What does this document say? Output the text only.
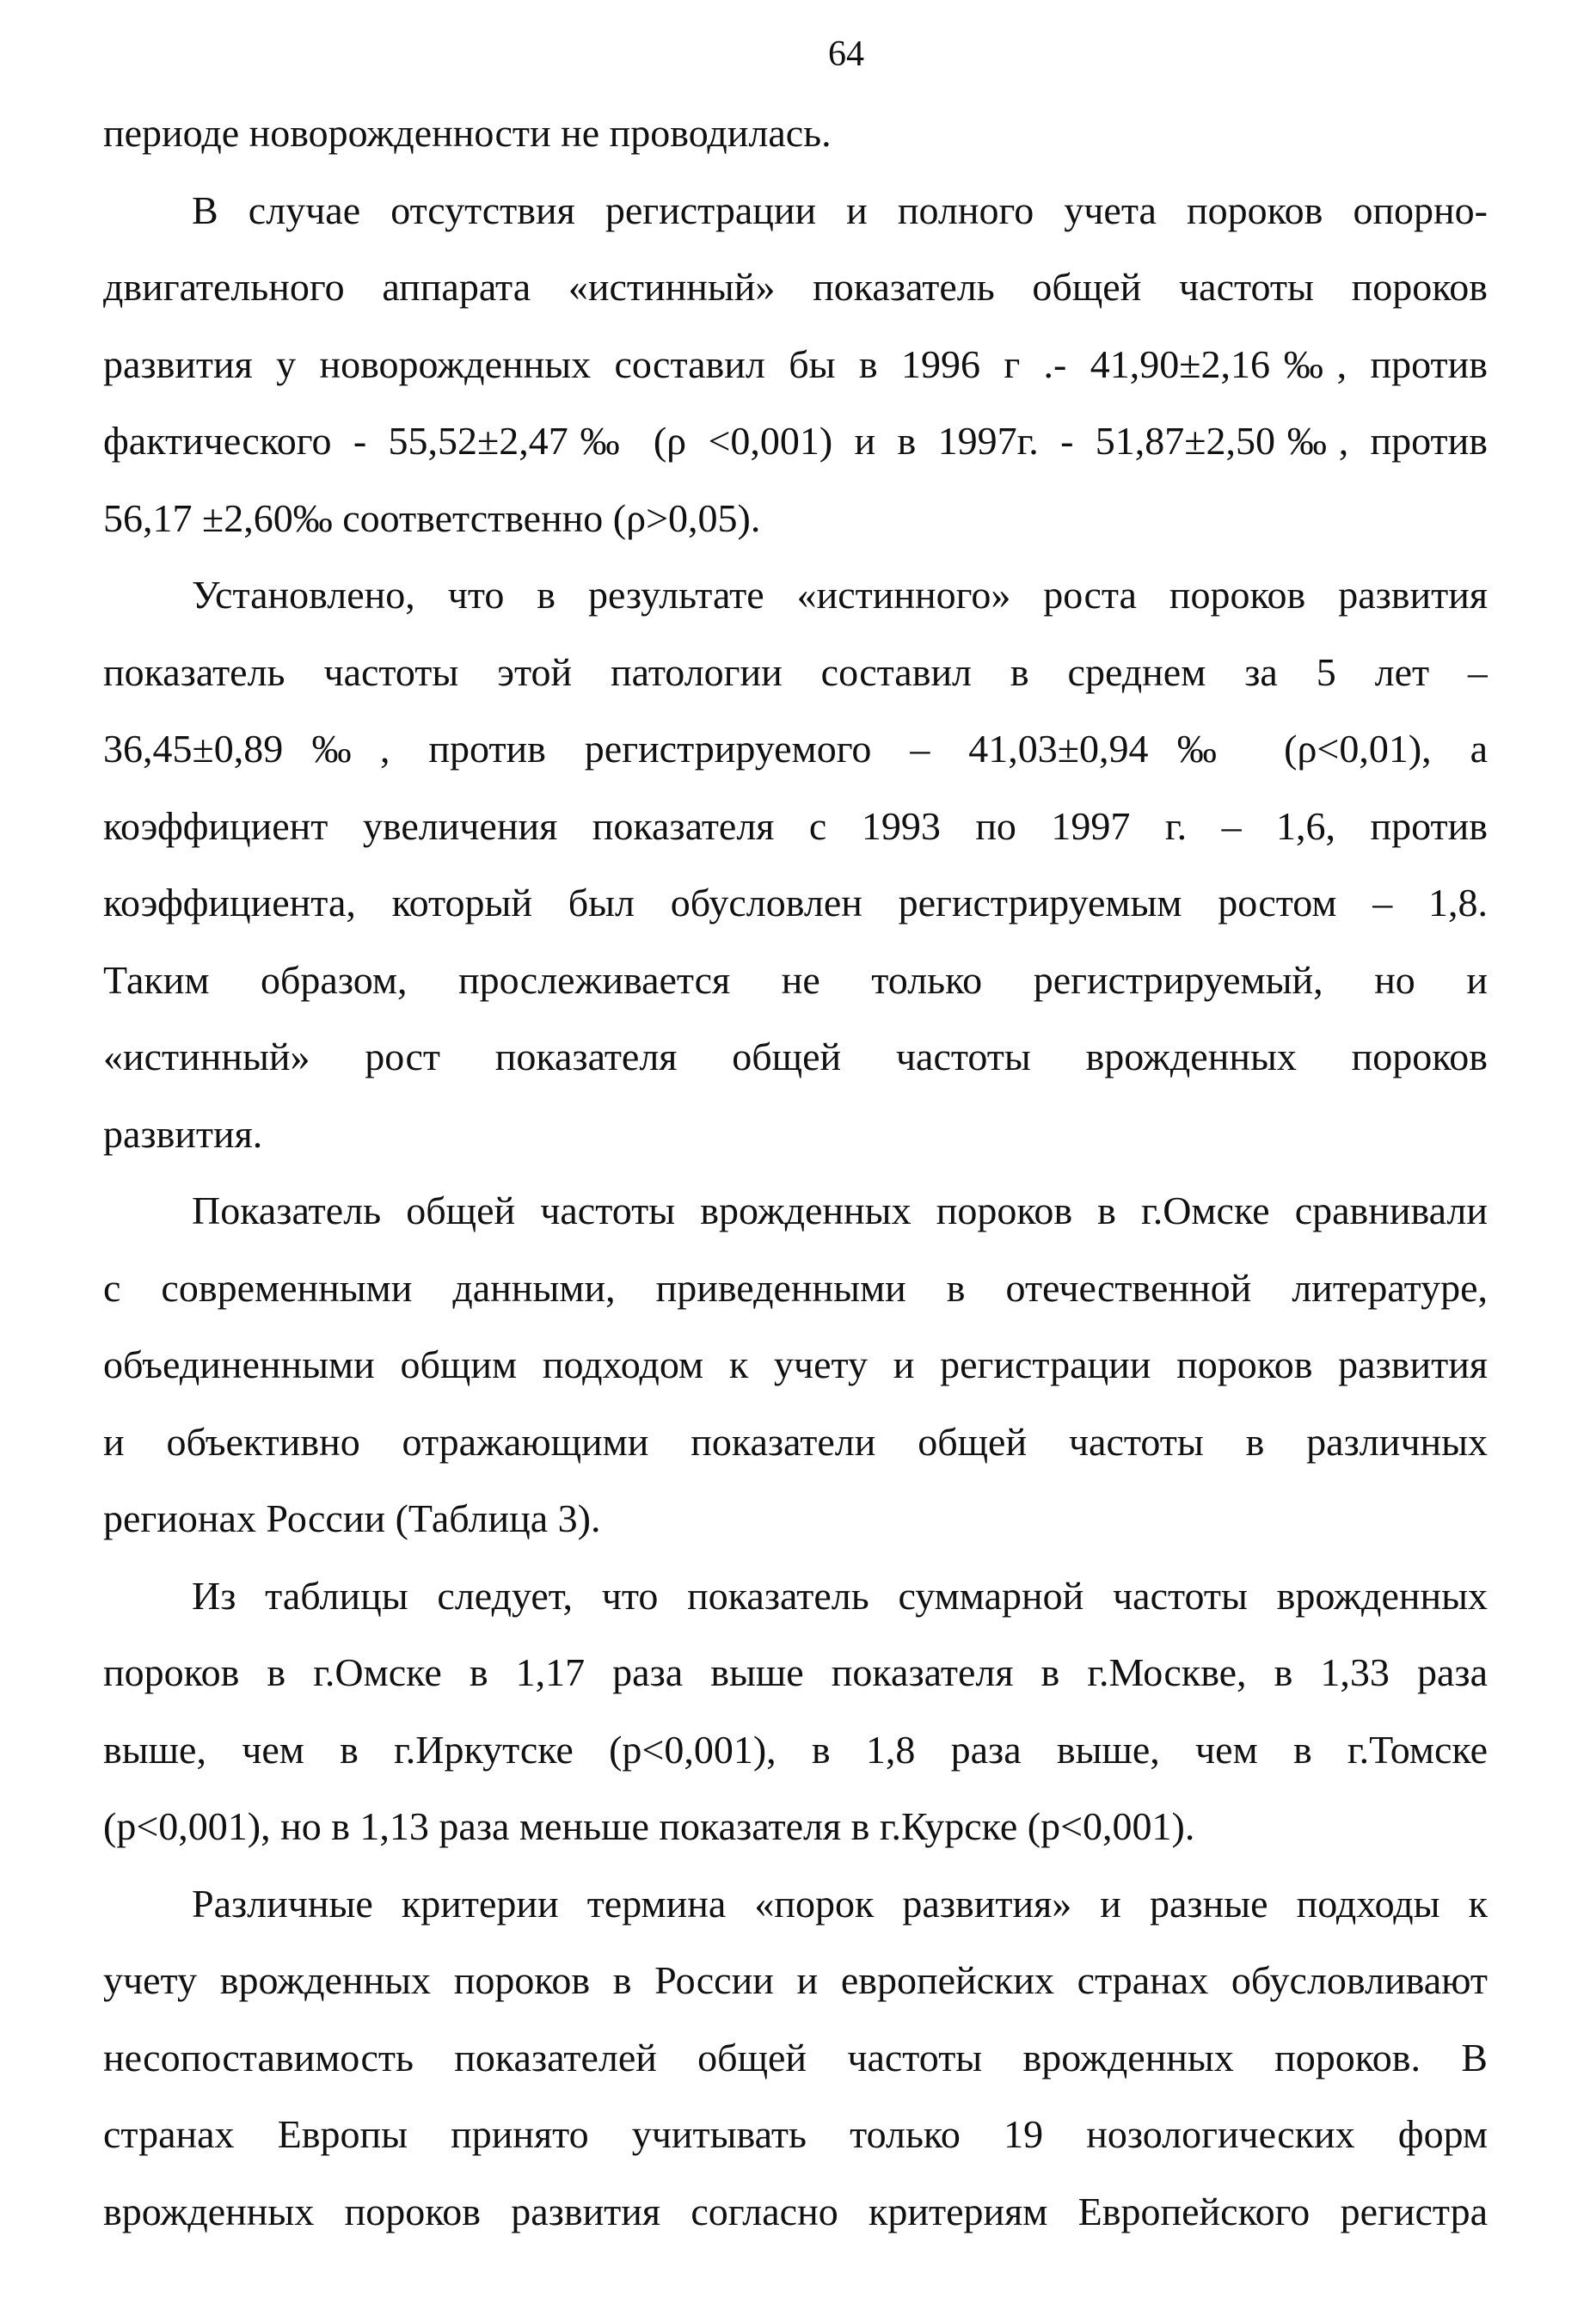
64
периоде новорожденности не проводилась.
В случае отсутствия регистрации и полного учета пороков опорно-
двигательного аппарата «истинный» показатель общей частоты пороков
развития у новорожденных составил бы в 1996 г .- 41,90±2,16‰, против
фактического - 55,52±2,47‰ (ρ <0,001) и в 1997г. - 51,87±2,50‰, против
56,17 ±2,60‰ соответственно (ρ>0,05).
Установлено, что в результате «истинного» роста пороков развития
показатель частоты этой патологии составил в среднем за 5 лет –
36,45±0,89‰, против регистрируемого – 41,03±0,94‰ (ρ<0,01), а
коэффициент увеличения показателя с 1993 по 1997 г. – 1,6, против
коэффициента, который был обусловлен регистрируемым ростом – 1,8.
Таким образом, прослеживается не только регистрируемый, но и
«истинный» рост показателя общей частоты врожденных пороков
развития.
Показатель общей частоты врожденных пороков в г.Омске сравнивали
с современными данными, приведенными в отечественной литературе,
объединенными общим подходом к учету и регистрации пороков развития
и объективно отражающими показатели общей частоты в различных
регионах России (Таблица 3).
Из таблицы следует, что показатель суммарной частоты врожденных
пороков в г.Омске в 1,17 раза выше показателя в г.Москве, в 1,33 раза
выше, чем в г.Иркутске (р<0,001), в 1,8 раза выше, чем в г.Томске
(р<0,001), но в 1,13 раза меньше показателя в г.Курске (р<0,001).
Различные критерии термина «порок развития» и разные подходы к
учету врожденных пороков в России и европейских странах обусловливают
несопоставимость показателей общей частоты врожденных пороков. В
странах Европы принято учитывать только 19 нозологических форм
врожденных пороков развития согласно критериям Европейского регистра
